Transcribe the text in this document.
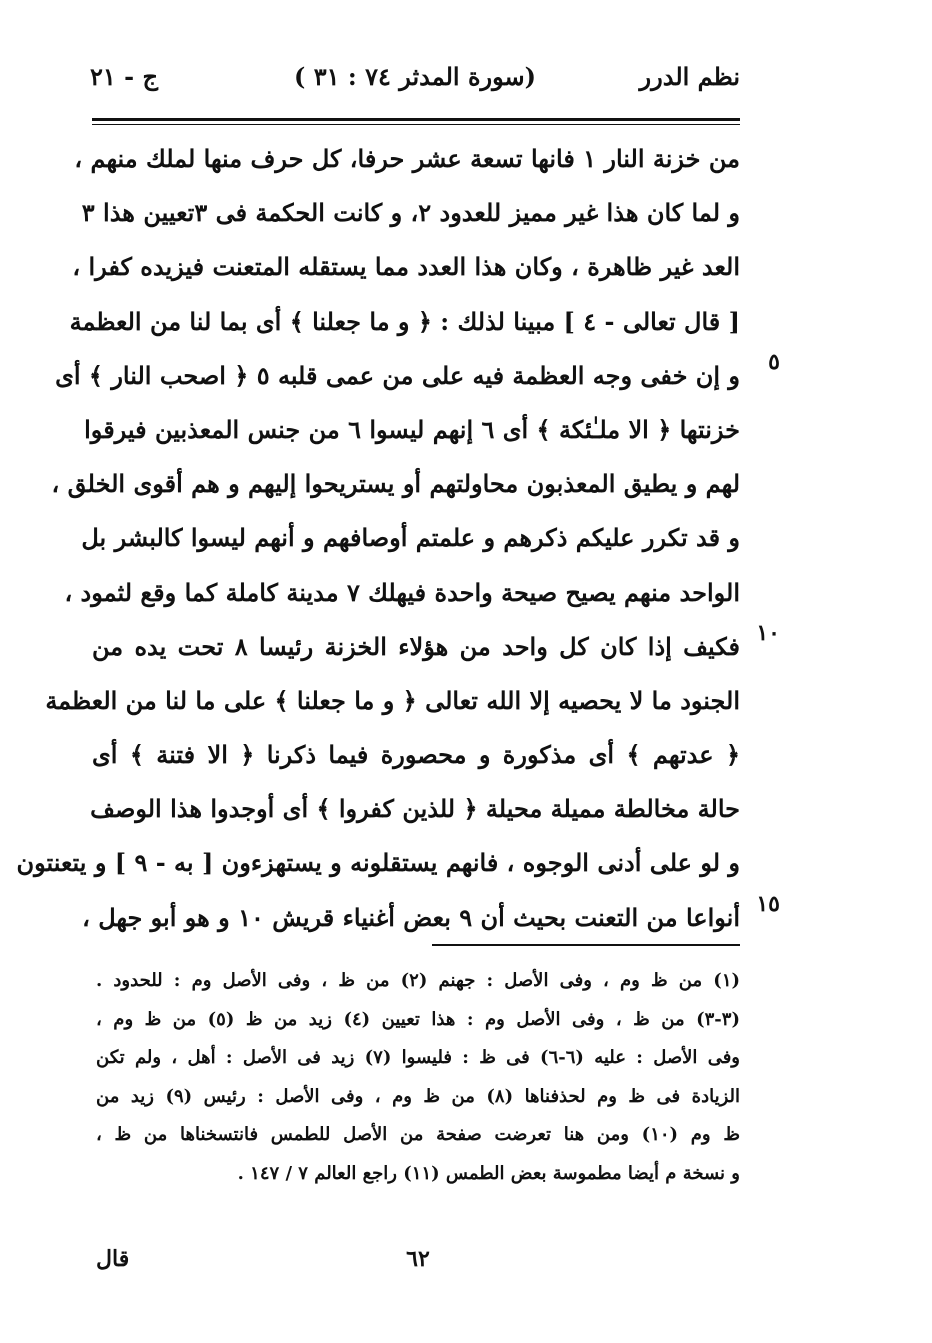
نظم الدرر
(سورة المدثر ٧٤ : ٣١ )
ج - ٢١
من خزنة النار ١ فانها تسعة عشر حرفا، كل حرف منها لملك منهم ،
و لما كان هذا غير مميز للعدود ٢، و كانت الحكمة فى ٣تعيين هذا ٣
العد غير ظاهرة ، وكان هذا العدد مما يستقله المتعنت فيزيده كفرا ،
[ قال تعالى - ٤ ] مبينا لذلك : ﴿ و ما جعلنا ﴾ أى بما لنا من العظمة
و إن خفى وجه العظمة فيه على من عمى قلبه ٥ ﴿ اصحب النار ﴾ أى ٥
خزنتها ﴿ الا ملـٰئكة ﴾ أى ٦ إنهم ليسوا ٦ من جنس المعذبين فيرقوا
لهم و يطيق المعذبون محاولتهم أو يستريحوا إليهم و هم أقوى الخلق ،
و قد تكرر عليكم ذكرهم و علمتم أوصافهم و أنهم ليسوا كالبشر بل
الواحد منهم يصيح صيحة واحدة فيهلك ٧ مدينة كاملة كما وقع لثمود ،
فكيف إذا كان كل واحد من هؤلاء الخزنة رئيسا ٨ تحت يده من ١٠
الجنود ما لا يحصيه إلا الله تعالى ﴿ و ما جعلنا ﴾ على ما لنا من العظمة
﴿ عدتهم ﴾ أى مذكورة و محصورة فيما ذكرنا ﴿ الا فتنة ﴾ أى
حالة مخالطة مميلة محيلة ﴿ للذين كفروا ﴾ أى أوجدوا هذا الوصف
و لو على أدنى الوجوه ، فانهم يستقلونه و يستهزءون [ به - ٩ ] و يتعنتون
أنواعا من التعنت بحيث أن ٩ بعض أغنياء قريش ١٠ و هو أبو جهل ، ١٥
(١) من ظ وم ، وفى الأصل : جهنم (٢) من ظ ، وفى الأصل وم : للحدود .
(٣-٣) من ظ ، وفى الأصل وم : هذا تعيين (٤) زيد من ظ (٥) من ظ وم ،
وفى الأصل : عليه (٦-٦) فى ظ : فليسوا (٧) زيد فى الأصل : أهل ، ولم تكن
الزيادة فى ظ وم لحذفناها (٨) من ظ وم ، وفى الأصل : رئيس (٩) زيد من
ظ وم (١٠) ومن هنا تعرضت صفحة من الأصل للطمس فانتسخناها من ظ ،
و نسخة م أيضا مطموسة بعض الطمس (١١) راجع العالم ٧ / ١٤٧ .
٦٢
قال
